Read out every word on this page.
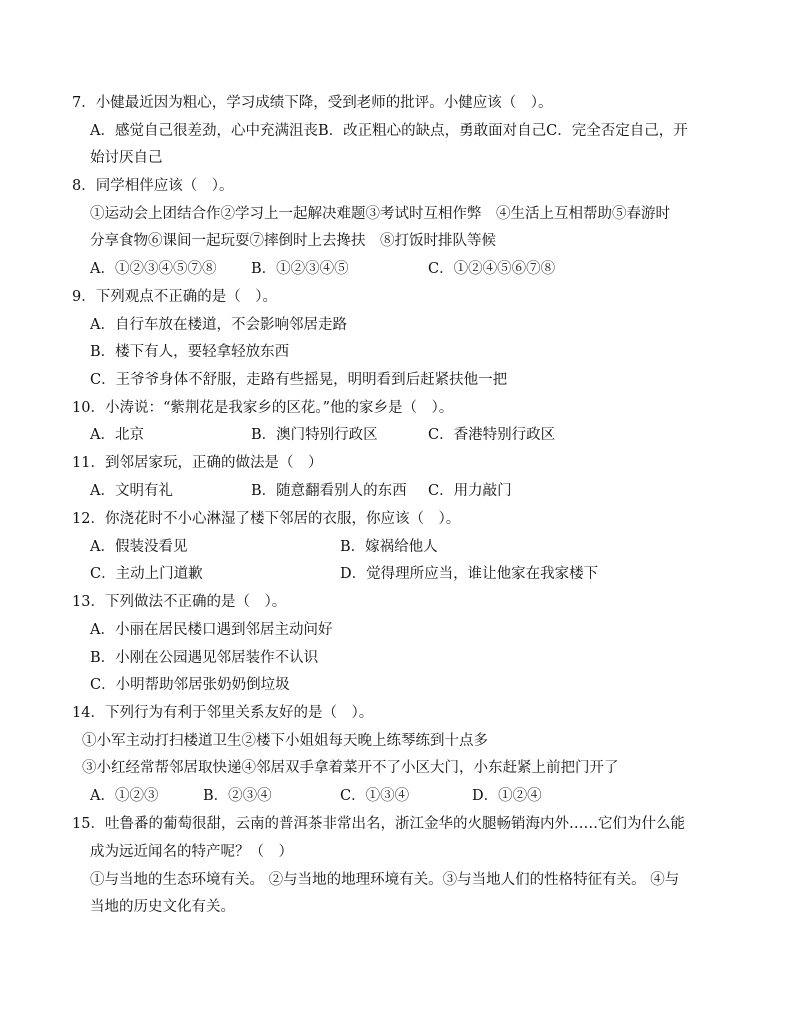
7．小健最近因为粗心，学习成绩下降，受到老师的批评。小健应该（　）。
A．感觉自己很差劲，心中充满沮丧B．改正粗心的缺点，勇敢面对自己C．完全否定自己，开
始讨厌自己
8．同学相伴应该（　）。
①运动会上团结合作②学习上一起解决难题③考试时互相作弊　④生活上互相帮助⑤春游时
分享食物⑥课间一起玩耍⑦摔倒时上去搀扶　⑧打饭时排队等候
A．①②③④⑤⑦⑧ B．①②③④⑤	C．①②④⑤⑥⑦⑧
9．下列观点不正确的是（　）。
A．自行车放在楼道，不会影响邻居走路
B．楼下有人，要轻拿轻放东西
C．王爷爷身体不舒服，走路有些摇晃，明明看到后赶紧扶他一把
10．小涛说：“紫荆花是我家乡的区花。”他的家乡是（　）。
A．北京	B．澳门特别行政区	C．香港特别行政区
11．到邻居家玩，正确的做法是（　）
A．文明有礼	B．随意翻看别人的东西 C．用力敲门
12．你浇花时不小心淋湿了楼下邻居的衣服，你应该（　）。
A．假装没看见	B．嫁祸给他人
C．主动上门道歉	D．觉得理所应当，谁让他家在我家楼下
13．下列做法不正确的是（　）。
A．小丽在居民楼口遇到邻居主动问好
B．小刚在公园遇见邻居装作不认识
C．小明帮助邻居张奶奶倒垃圾
14．下列行为有利于邻里关系友好的是（　）。
①小军主动打扫楼道卫生②楼下小姐姐每天晚上练琴练到十点多
③小红经常帮邻居取快递④邻居双手拿着菜开不了小区大门，小东赶紧上前把门开了
A．①②③	B．②③④	C．①③④	D．①②④
15．吐鲁番的葡萄很甜，云南的普洱茶非常出名，浙江金华的火腿畅销海内外……它们为什么能
成为远近闻名的特产呢？（　）
①与当地的生态环境有关。 ②与当地的地理环境有关。③与当地人们的性格特征有关。 ④与
当地的历史文化有关。
